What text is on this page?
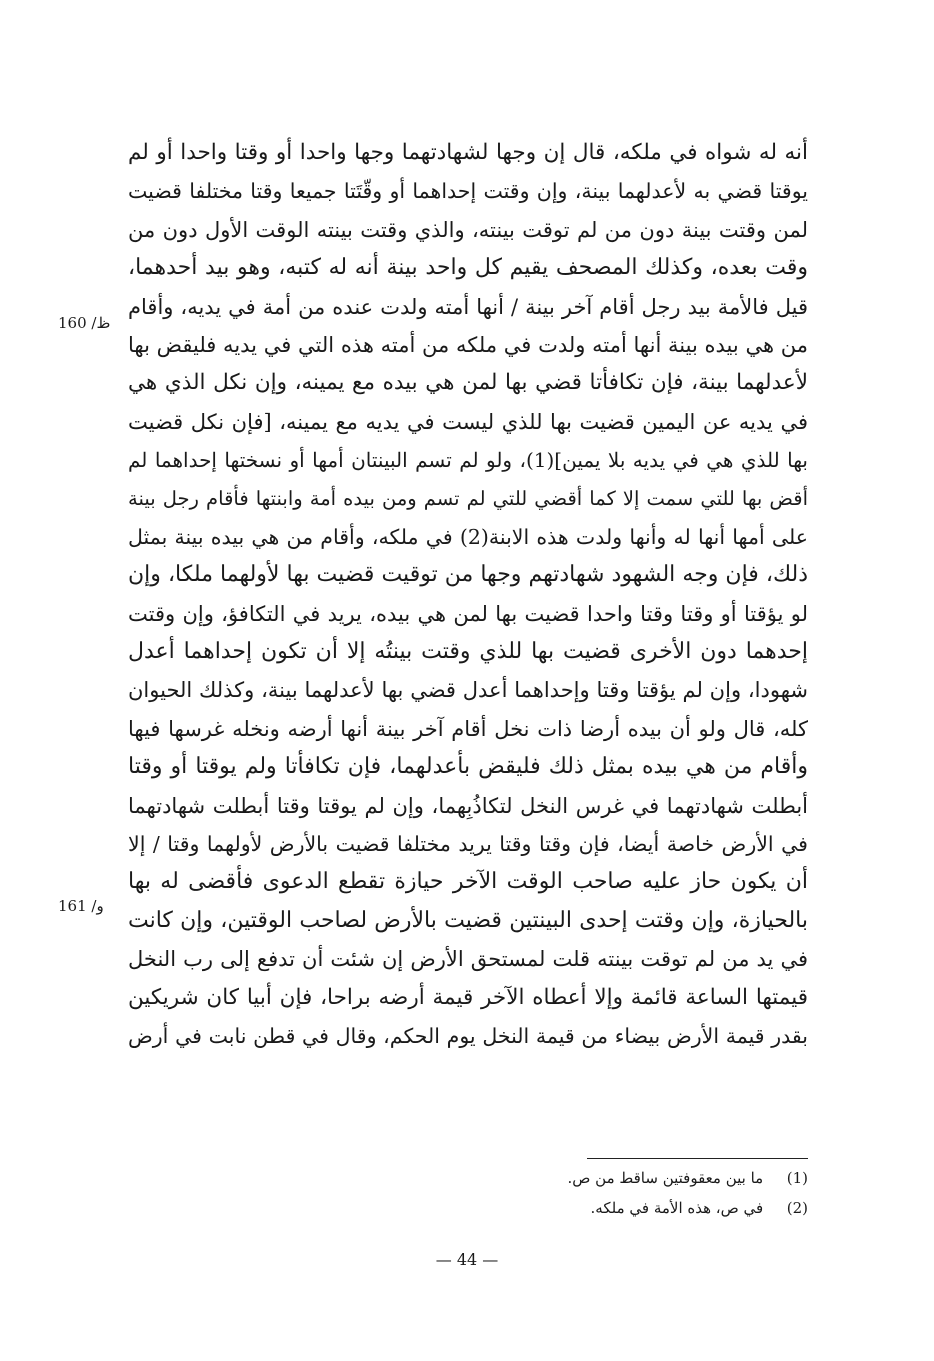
أنه له شواه في ملكه، قال إن وجها لشهادتهما وجها واحدا أو وقتا واحدا أو لم
يوقتا قضي به لأعدلهما بينة، وإن وقتت إحداهما أو وقّتَتا جميعا وقتا مختلفا قضيت
لمن وقتت بينة دون من لم توقت بينته، والذي وقتت بينته الوقت الأول دون من
وقت بعده، وكذلك المصحف يقيم كل واحد بينة أنه له كتبه، وهو بيد أحدهما،
قيل فالأمة بيد رجل أقام آخر بينة / أنها أمته ولدت عنده من أمة في يديه، وأقام
من هي بيده بينة أنها أمته ولدت في ملكه من أمته هذه التي في يديه فليقض بها
لأعدلهما بينة، فإن تكافأتا قضي بها لمن هي بيده مع يمينه، وإن نكل الذي هي
في يديه عن اليمين قضيت بها للذي ليست في يديه مع يمينه، [فإن نكل قضيت
بها للذي هي في يديه بلا يمين](1)، ولو لم تسم البينتان أمها أو نسختها إحداهما لم
أقض بها للتي سمت إلا كما أقضي للتي لم تسم ومن بيده أمة وابنتها فأقام رجل بينة
على أمها أنها له وأنها ولدت هذه الابنة(2) في ملكه، وأقام من هي بيده بينة بمثل
ذلك، فإن وجه الشهود شهادتهم وجها من توقيت قضيت بها لأولهما ملكا، وإن
لو يؤقتا أو وقتا وقتا واحدا قضيت بها لمن هي بيده، يريد في التكافؤ، وإن وقتت
إحدهما دون الأخرى قضيت بها للذي وقتت بينتُه إلا أن تكون إحداهما أعدل
شهودا، وإن لم يؤقتا وقتا وإحداهما أعدل قضي بها لأعدلهما بينة، وكذلك الحيوان
كله، قال ولو أن بيده أرضا ذات نخل أقام آخر بينة أنها أرضه ونخله غرسها فيها
وأقام من هي بيده بمثل ذلك فليقض بأعدلهما، فإن تكافأتا ولم يوقتا أو وقتا
أبطلت شهادتهما في غرس النخل لتكاذُبِهما، وإن لم يوقتا وقتا أبطلت شهادتهما
في الأرض خاصة أيضا، فإن وقتا وقتا يريد مختلفا قضيت بالأرض لأولهما وقتا / إلا
أن يكون حاز عليه صاحب الوقت الآخر حيازة تقطع الدعوى فأقضى له بها
بالحيازة، وإن وقتت إحدى البينتين قضيت بالأرض لصاحب الوقتين، وإن كانت
في يد من لم توقت بينته قلت لمستحق الأرض إن شئت أن تدفع إلى رب النخل
قيمتها الساعة قائمة وإلا أعطاه الآخر قيمة أرضه براحا، فإن أبيا كان شريكين
بقدر قيمة الأرض بيضاء من قيمة النخل يوم الحكم، وقال في قطن نابت في أرض
160 /ظ
161 /و
(1) ما بين معقوفتين ساقط من ص.
(2) في ص، هذه الأمة في ملكه.
— 44 —
